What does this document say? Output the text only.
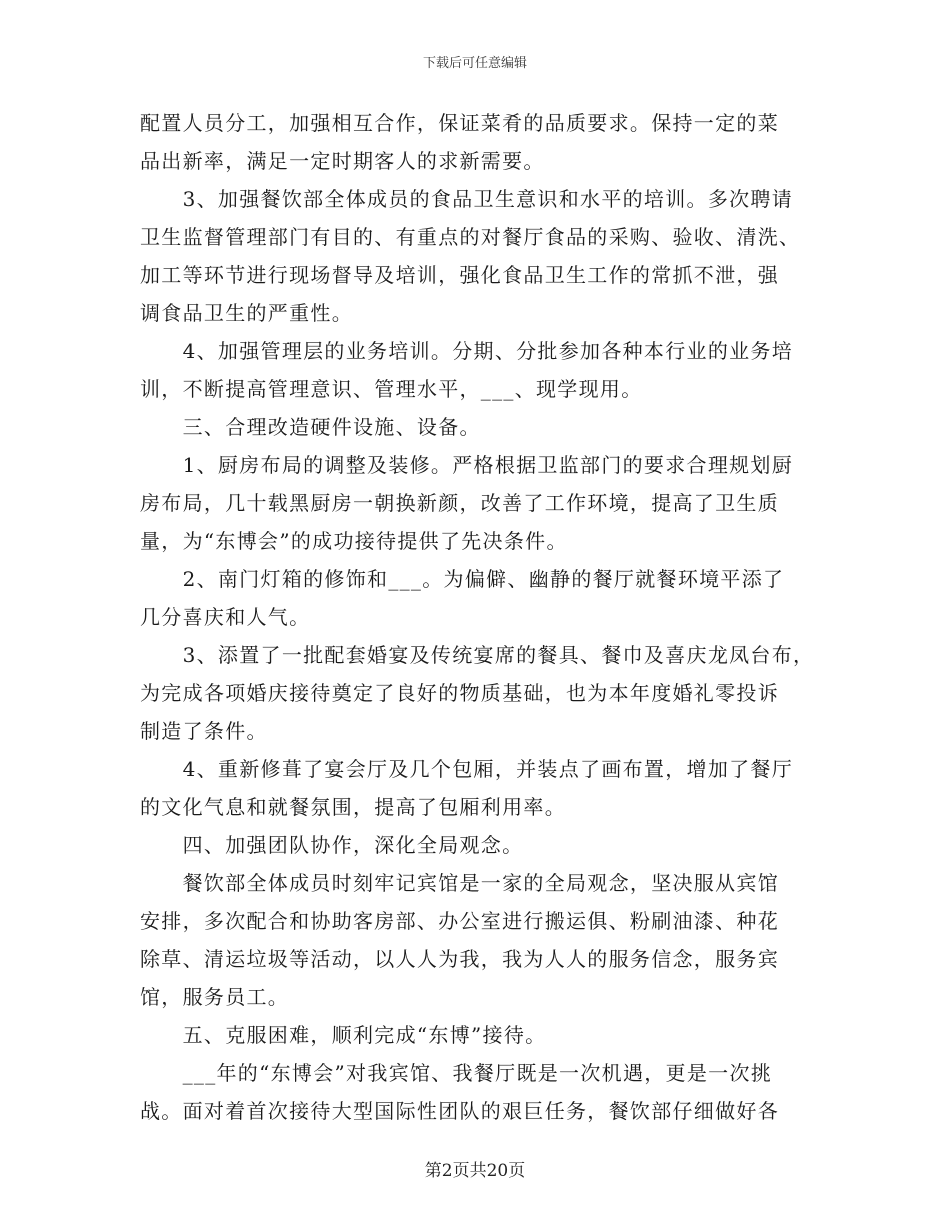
下载后可任意编辑

配置人员分工，加强相互合作，保证菜肴的品质要求。保持一定的菜

品出新率，满足一定时期客人的求新需要。

　　3、加强餐饮部全体成员的食品卫生意识和水平的培训。多次聘请

卫生监督管理部门有目的、有重点的对餐厅食品的采购、验收、清洗、

加工等环节进行现场督导及培训，强化食品卫生工作的常抓不泄，强

调食品卫生的严重性。

　　4、加强管理层的业务培训。分期、分批参加各种本行业的业务培

训，不断提高管理意识、管理水平，___、现学现用。

　　三、合理改造硬件设施、设备。

　　1、厨房布局的调整及装修。严格根据卫监部门的要求合理规划厨

房布局，几十载黑厨房一朝换新颜，改善了工作环境，提高了卫生质

量，为“东博会”的成功接待提供了先决条件。

　　2、南门灯箱的修饰和___。为偏僻、幽静的餐厅就餐环境平添了

几分喜庆和人气。

　　3、添置了一批配套婚宴及传统宴席的餐具、餐巾及喜庆龙凤台布，

为完成各项婚庆接待奠定了良好的物质基础，也为本年度婚礼零投诉

制造了条件。

　　4、重新修葺了宴会厅及几个包厢，并装点了画布置，增加了餐厅

的文化气息和就餐氛围，提高了包厢利用率。

　　四、加强团队协作，深化全局观念。

　　餐饮部全体成员时刻牢记宾馆是一家的全局观念，坚决服从宾馆

安排，多次配合和协助客房部、办公室进行搬运俱、粉刷油漆、种花

除草、清运垃圾等活动，以人人为我，我为人人的服务信念，服务宾

馆，服务员工。

　　五、克服困难，顺利完成“东博”接待。

　　___年的“东博会”对我宾馆、我餐厅既是一次机遇，更是一次挑

战。面对着首次接待大型国际性团队的艰巨任务，餐饮部仔细做好各

第2页共20页
